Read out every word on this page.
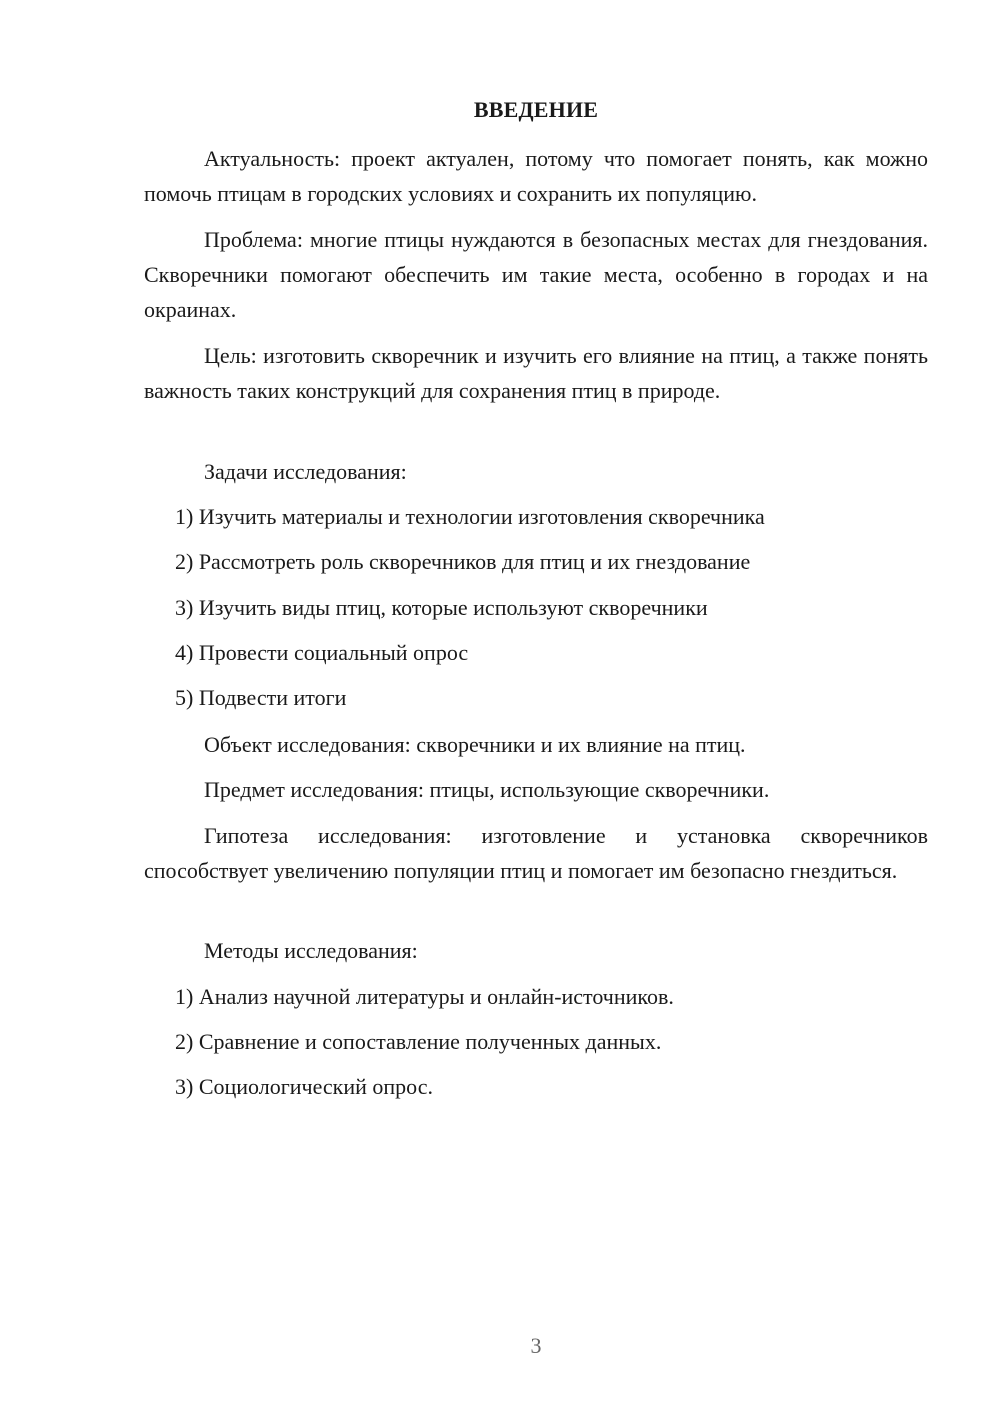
ВВЕДЕНИЕ

Актуальность: проект актуален, потому что помогает понять, как можно помочь птицам в городских условиях и сохранить их популяцию.

Проблема: многие птицы нуждаются в безопасных местах для гнездования. Скворечники помогают обеспечить им такие места, особенно в городах и на окраинах.

Цель: изготовить скворечник и изучить его влияние на птиц, а также понять важность таких конструкций для сохранения птиц в природе.

Задачи исследования:
1) Изучить материалы и технологии изготовления скворечника
2) Рассмотреть роль скворечников для птиц и их гнездование
3) Изучить виды птиц, которые используют скворечники
4) Провести социальный опрос
5) Подвести итоги
Объект исследования: скворечники и их влияние на птиц.
Предмет исследования: птицы, использующие скворечники.

Гипотеза исследования: изготовление и установка скворечников способствует увеличению популяции птиц и помогает им безопасно гнездиться.

Методы исследования:
1) Анализ научной литературы и онлайн-источников.
2) Сравнение и сопоставление полученных данных.
3) Социологический опрос.
3
